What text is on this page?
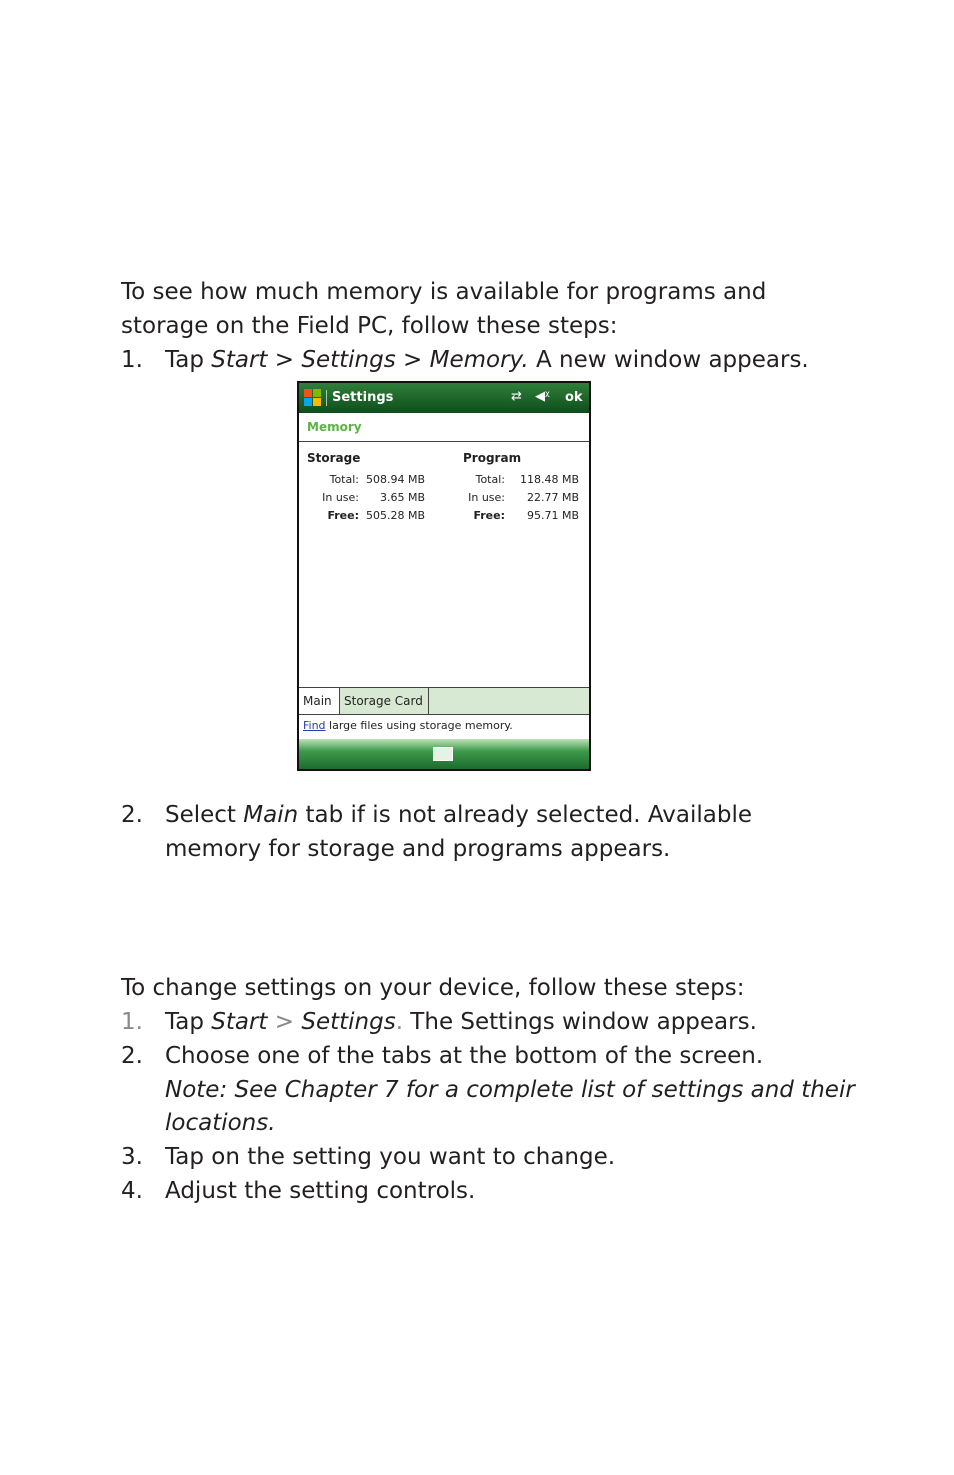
To see how much memory is available for programs and
storage on the Field PC, follow these steps:
1. Tap Start > Settings > Memory. A new window appears.
Settings	⇄ ◀ᵡ ok
Memory
Storage
Total: 508.94 MB
In use:	3.65 MB
Free: 505.28 MB
Program
Total:	118.48 MB
In use:	22.77 MB
Free:	95.71 MB
Main	Storage Card
Find large files using storage memory.
2. Select Main tab if is not already selected. Available
memory for storage and programs appears.
To change settings on your device, follow these steps:
1. Tap Start > Settings. The Settings window appears.
2. Choose one of the tabs at the bottom of the screen.
Note: See Chapter 7 for a complete list of settings and their
locations.
3. Tap on the setting you want to change.
4. Adjust the setting controls.
